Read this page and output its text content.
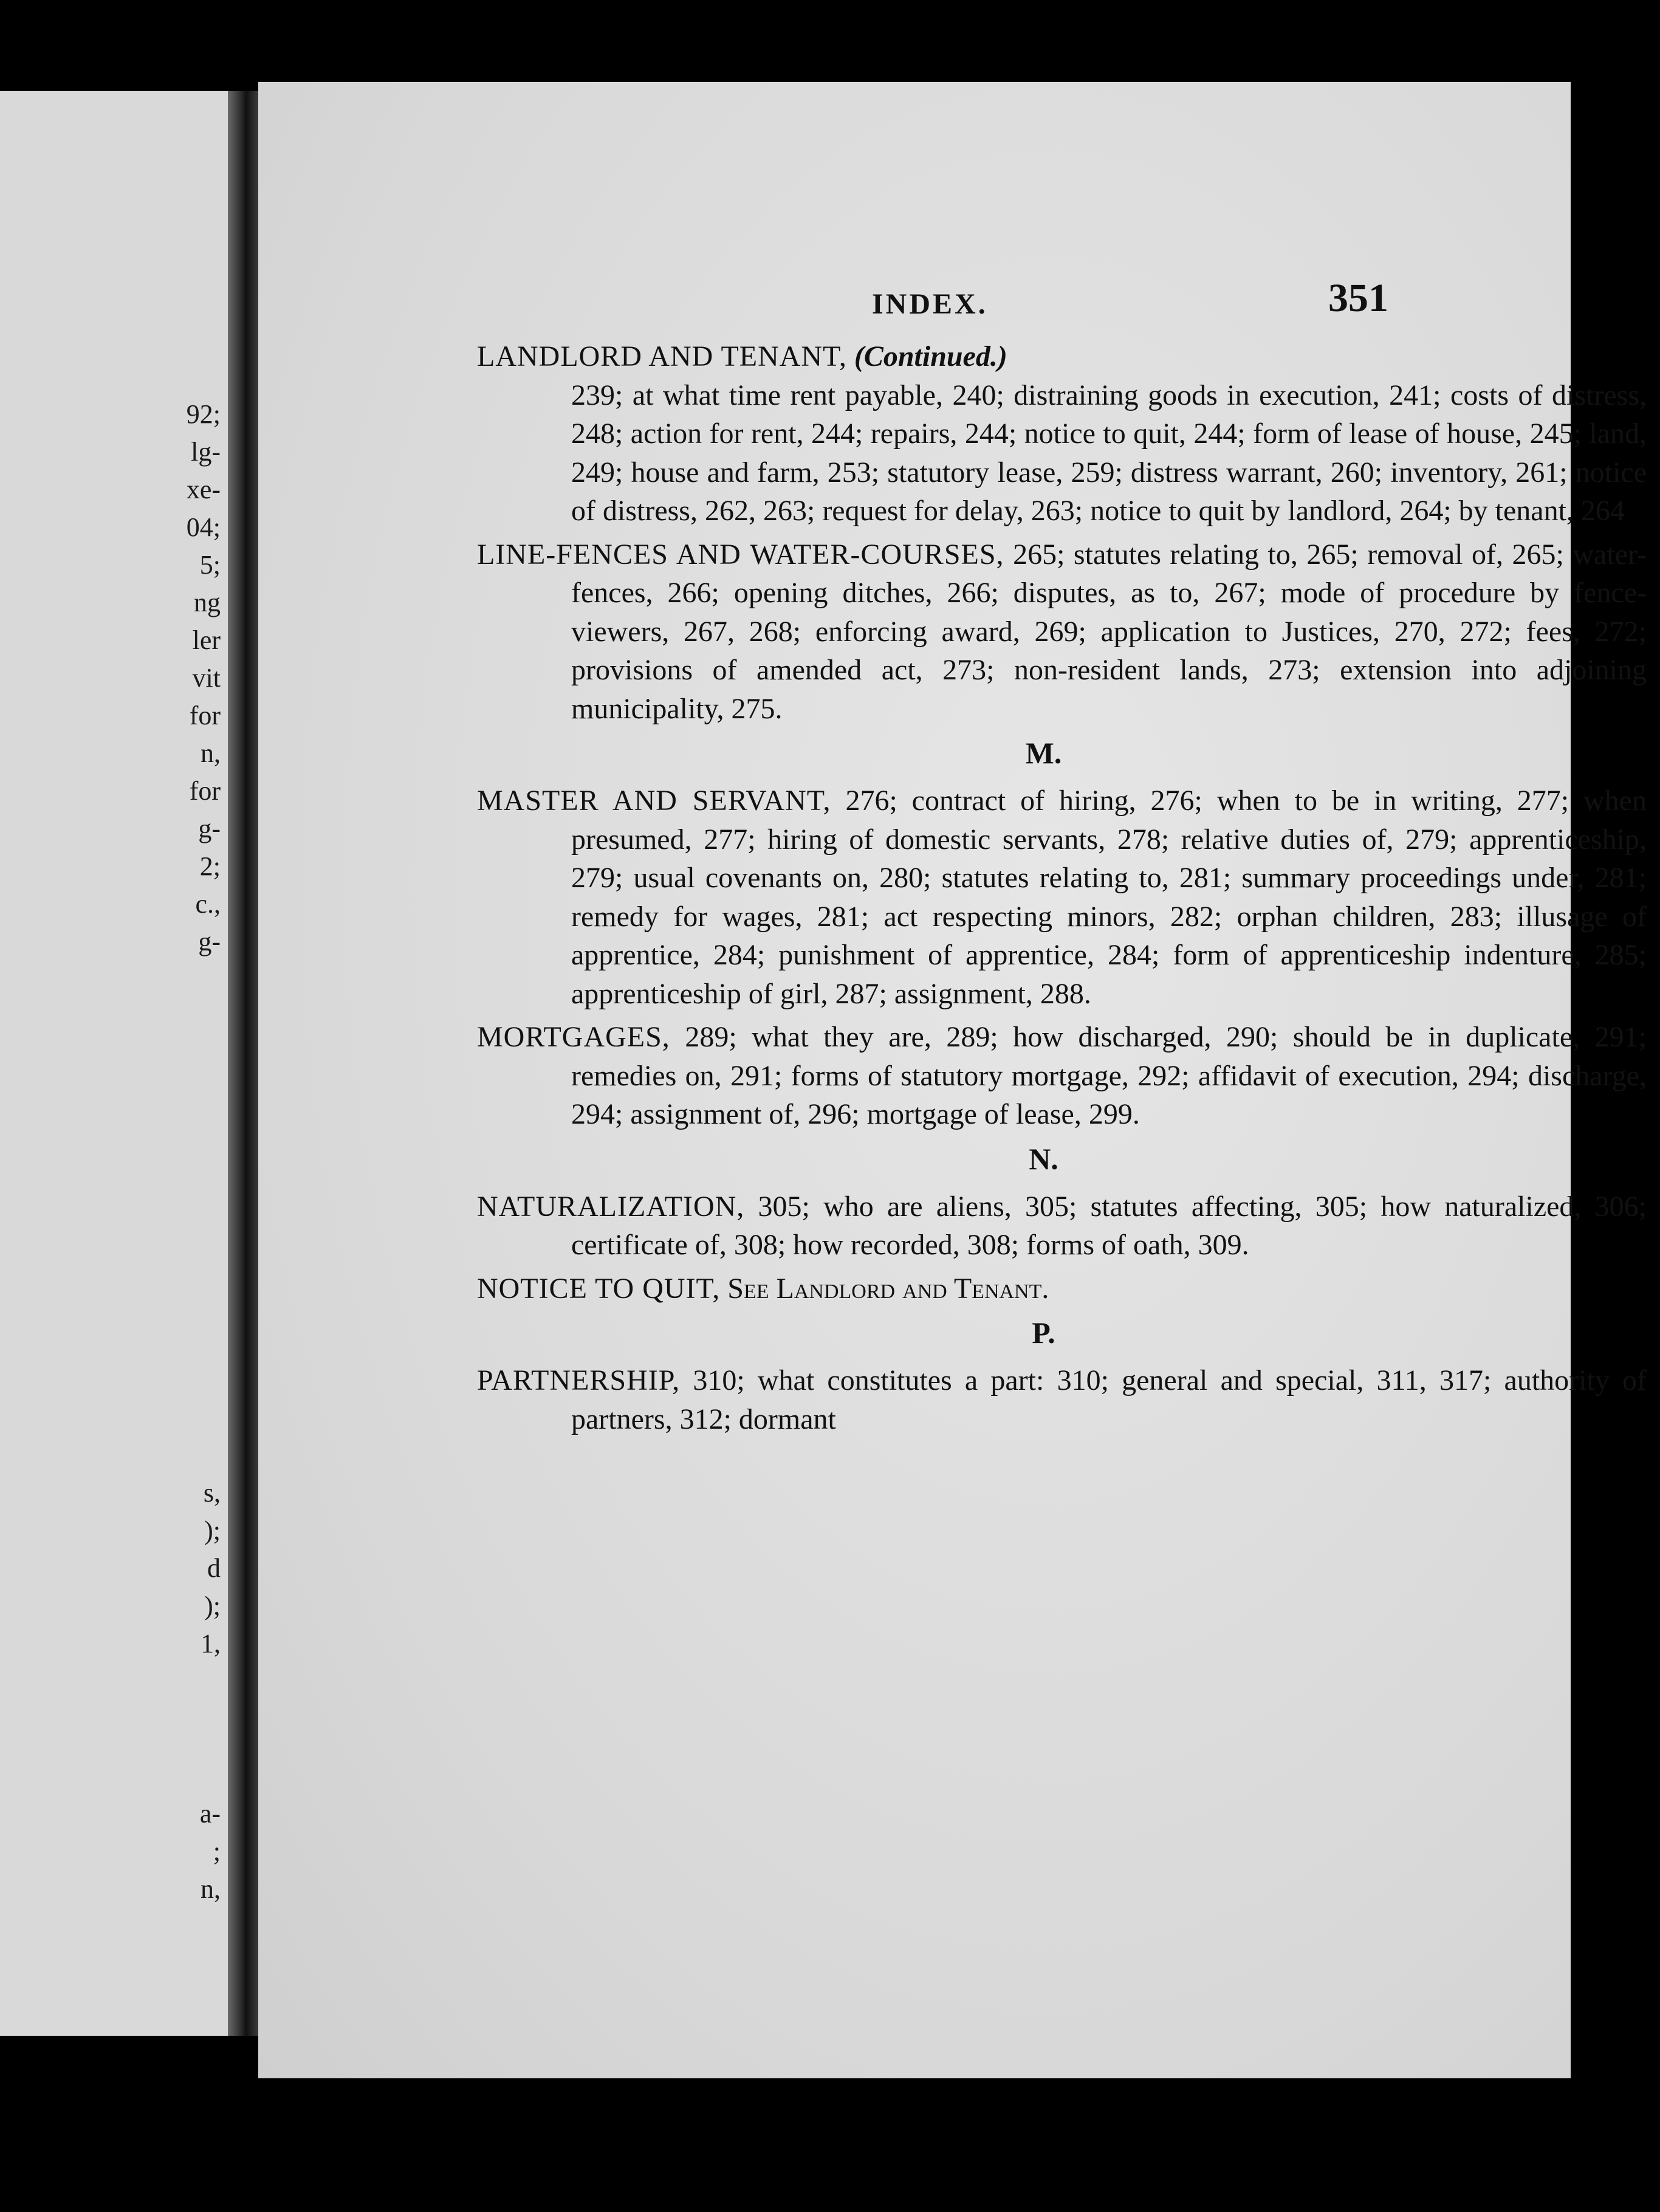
92;
lg-
xe-
04;
5;
ng
ler
vit
for
n,
for
g-
2;
c.,
g-
s,
);
d
);
1,
a-
;
n,
INDEX.	351

LANDLORD AND TENANT, (Continued.)
239; at what time rent payable, 240; distraining goods in execution, 241; costs of distress, 248; action for rent, 244; repairs, 244; notice to quit, 244; form of lease of house, 245; land, 249; house and farm, 253; statutory lease, 259; distress warrant, 260; inventory, 261; notice of distress, 262, 263; request for delay, 263; notice to quit by landlord, 264; by tenant, 264

LINE-FENCES AND WATER-COURSES, 265; statutes relating to, 265; removal of, 265; water-fences, 266; opening ditches, 266; disputes, as to, 267; mode of procedure by fence-viewers, 267, 268; enforcing award, 269; application to Justices, 270, 272; fees, 272; provisions of amended act, 273; non-resident lands, 273; extension into adjoining municipality, 275.

M.

MASTER AND SERVANT, 276; contract of hiring, 276; when to be in writing, 277; when presumed, 277; hiring of domestic servants, 278; relative duties of, 279; apprenticeship, 279; usual covenants on, 280; statutes relating to, 281; summary proceedings under, 281; remedy for wages, 281; act respecting minors, 282; orphan children, 283; illusage of apprentice, 284; punishment of apprentice, 284; form of apprenticeship indenture, 285; apprenticeship of girl, 287; assignment, 288.

MORTGAGES, 289; what they are, 289; how discharged, 290; should be in duplicate, 291; remedies on, 291; forms of statutory mortgage, 292; affidavit of execution, 294; discharge, 294; assignment of, 296; mortgage of lease, 299.

N.

NATURALIZATION, 305; who are aliens, 305; statutes affecting, 305; how naturalized, 306; certificate of, 308; how recorded, 308; forms of oath, 309.

NOTICE TO QUIT, See Landlord and Tenant.

P.

PARTNERSHIP, 310; what constitutes a part: 310; general and special, 311, 317; authority of partners, 312; dormant
